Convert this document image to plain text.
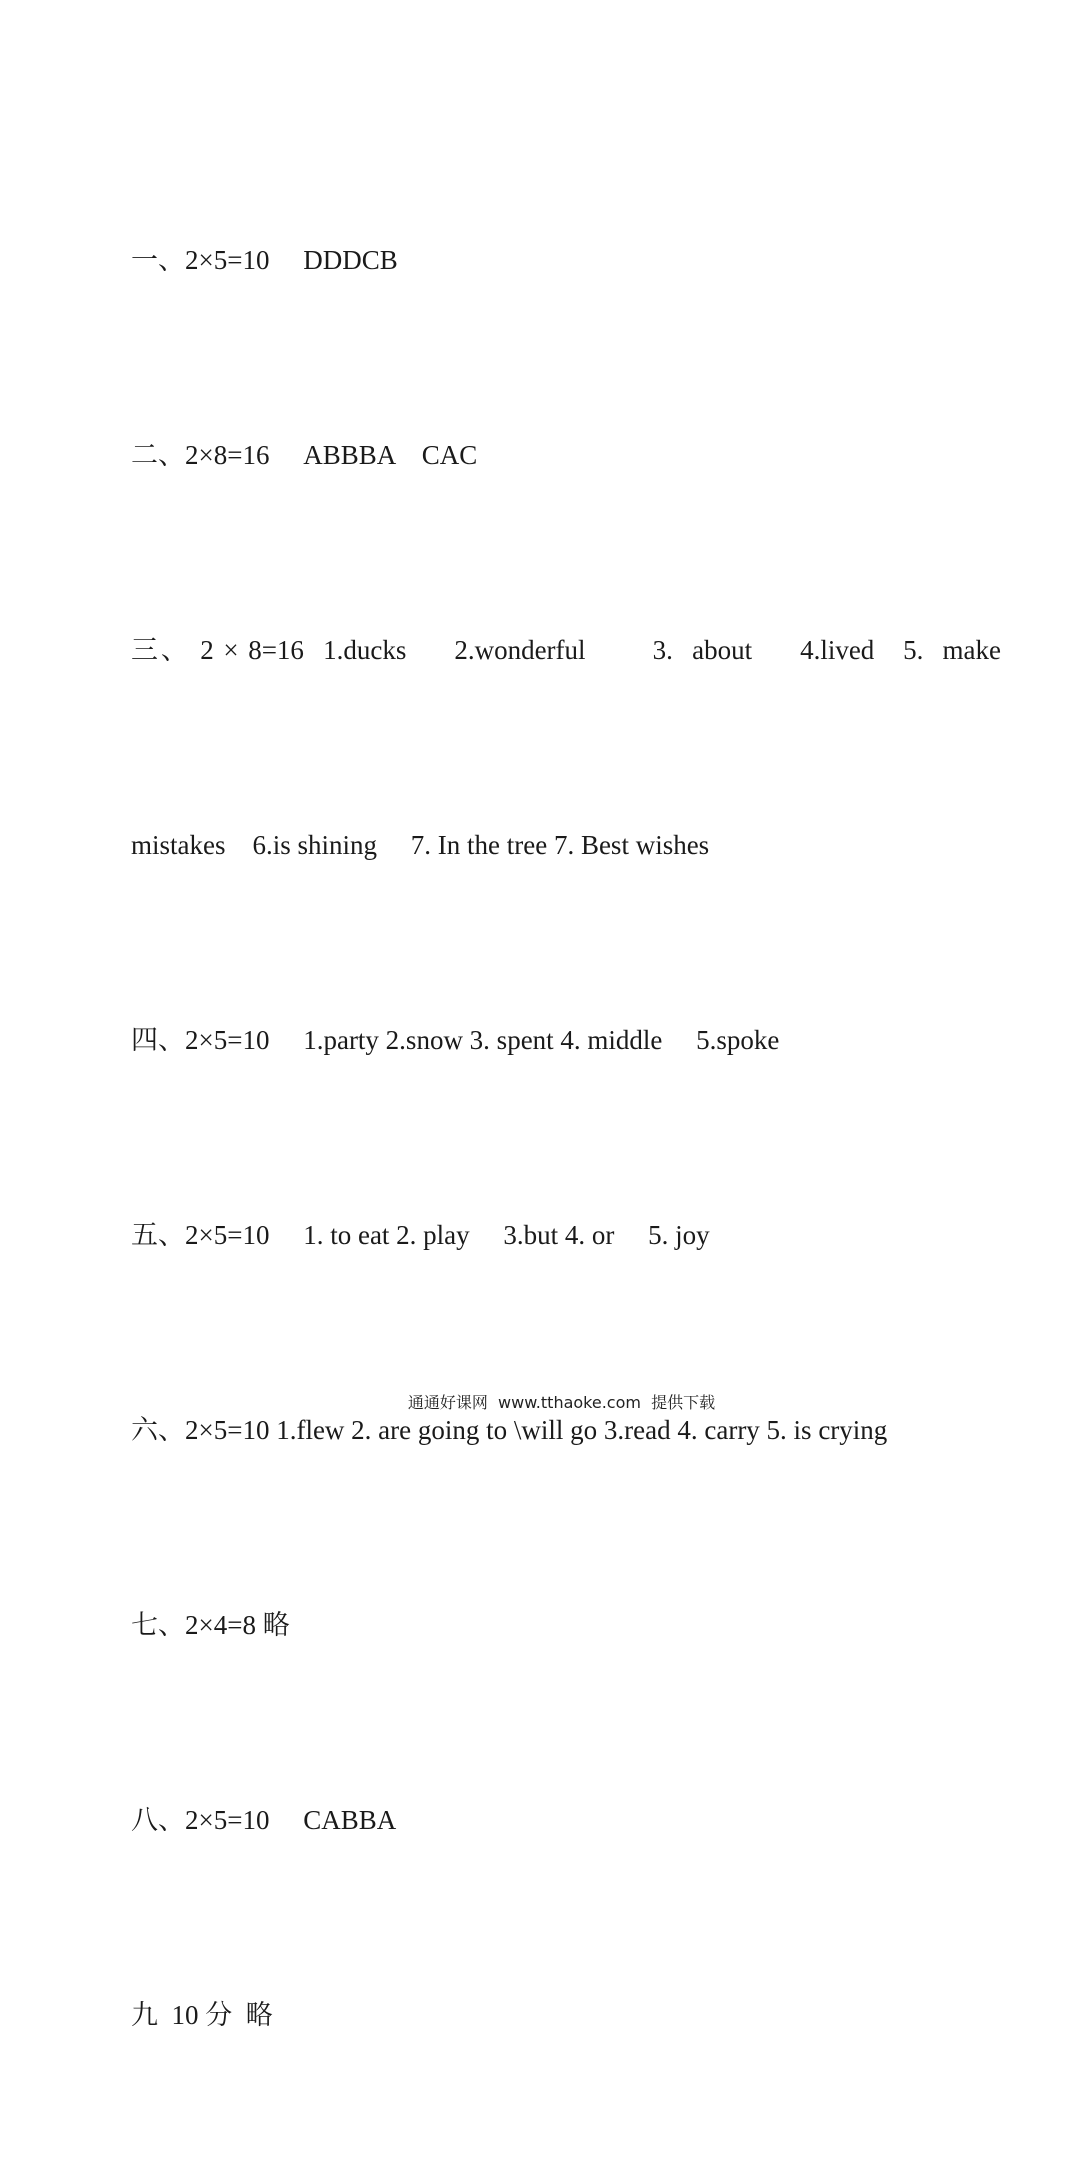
一、2×5=10     DDDCB

二、2×8=16     ABBBA    CAC

三、 2 × 8=16  1.ducks     2.wonderful       3.  about     4.lived   5.  make

mistakes    6.is shining     7. In the tree 7. Best wishes

四、2×5=10     1.party 2.snow 3. spent 4. middle     5.spoke

五、2×5=10     1. to eat 2. play     3.but 4. or     5. joy

六、2×5=10 1.flew 2. are going to \will go 3.read 4. carry 5. is crying

七、2×4=8 略

八、2×5=10     CABBA

九  10 分  略

通通好课网  www.tthaoke.com  提供下载
